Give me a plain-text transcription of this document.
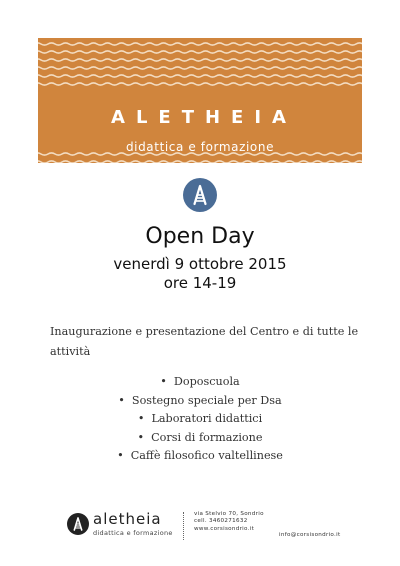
ALETHEIA
didattica e formazione
Open Day
venerdì 9 ottobre 2015
ore 14-19
Inaugurazione e presentazione del Centro e di tutte le attività
• Doposcuola
• Sostegno speciale per Dsa
• Laboratori didattici
• Corsi di formazione
• Caffè filosofico valtellinese
aletheia
didattica e formazione
via Stelvio 70, Sondrio
cell. 3460271632
www.corsisondrio.it
info@corsisondrio.it
